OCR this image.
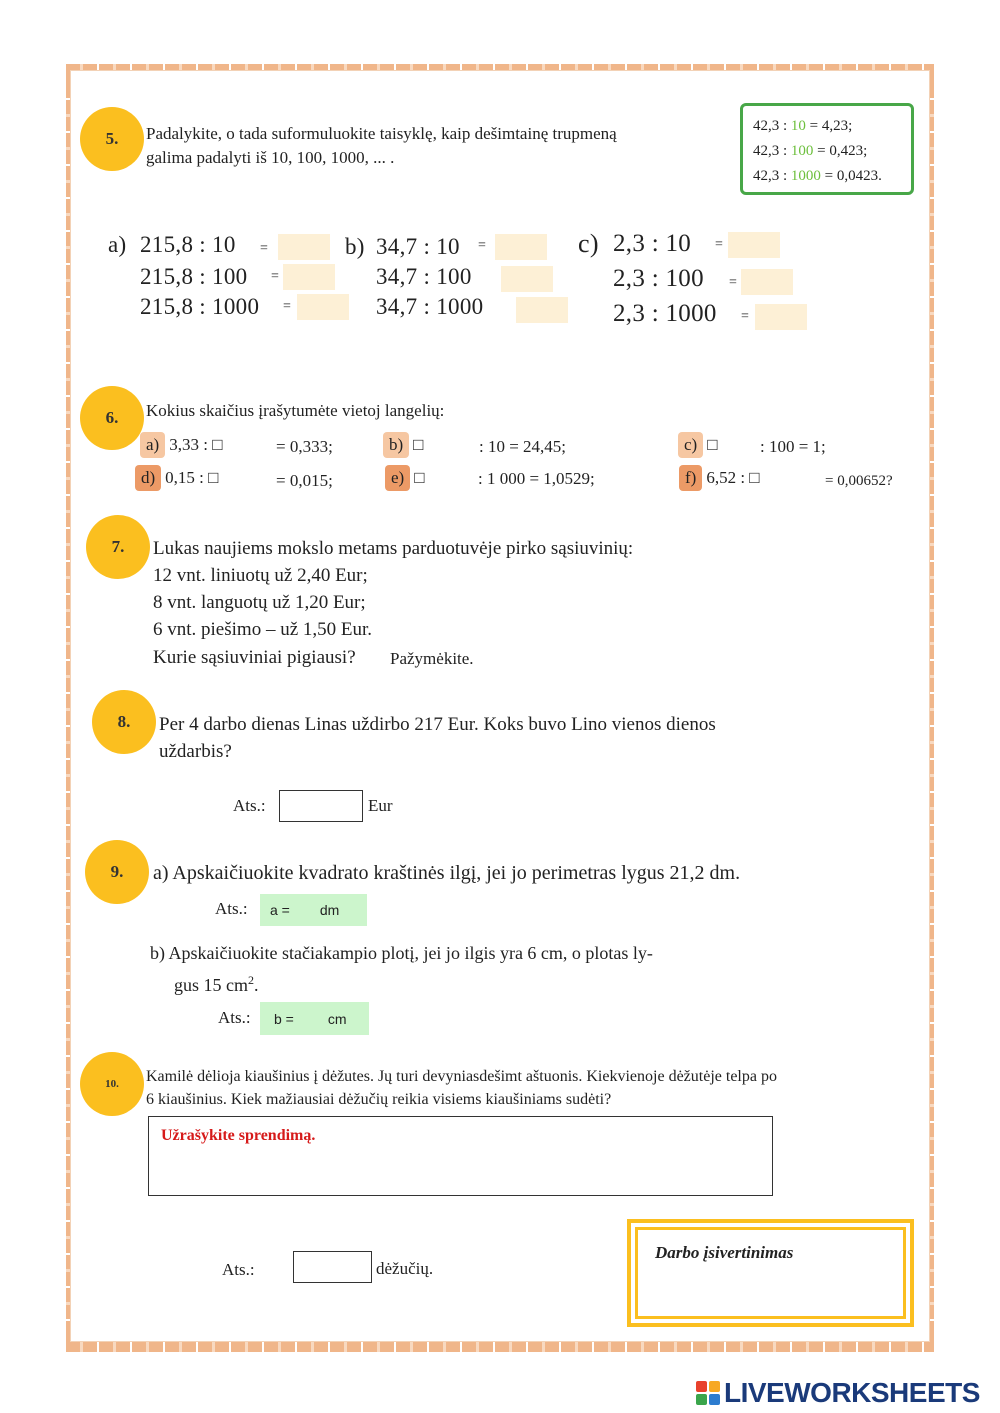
5. Padalykite, o tada suformuluokite taisyklę, kaip dešimtainę trupmeną
galima padalyti iš 10, 100, 1000, ... .
42,3 : 10 = 4,23;
42,3 : 100 = 0,423;
42,3 : 1000 = 0,0423.
a) 215,8 : 10 =
215,8 : 100 =
215,8 : 1000 =
b) 34,7 : 10 =
34,7 : 100
34,7 : 1000
c) 2,3 : 10 =
2,3 : 100 =
2,3 : 1000 =
6. Kokius skaičius įrašytumėte vietoj langelių:
a) 3,33 : □	= 0,333;	b) □	: 10 = 24,45;	c) □	: 100 = 1;
d) 0,15 : □	= 0,015;	e) □	: 1 000 = 1,0529;	f) 6,52 : □	= 0,00652?
7. Lukas naujiems mokslo metams parduotuvėje pirko sąsiuvinių:
12 vnt. liniuotų už 2,40 Eur;
8 vnt. languotų už 1,20 Eur;
6 vnt. piešimo – už 1,50 Eur.
Kurie sąsiuviniai pigiausi? Pažymėkite.
8. Per 4 darbo dienas Linas uždirbo 217 Eur. Koks buvo Lino vienos dienos
uždarbis?
Ats.:	Eur
9. a) Apskaičiuokite kvadrato kraštinės ilgį, jei jo perimetras lygus 21,2 dm.
Ats.: a = dm
b) Apskaičiuokite stačiakampio plotį, jei jo ilgis yra 6 cm, o plotas ly-
gus 15 $cm^2$.
Ats.: b = cm
10. Kamilė dėlioja kiaušinius į dėžutes. Jų turi devyniasdešimt aštuonis. Kiekvienoje dėžutėje telpa po
6 kiaušinius. Kiek mažiausiai dėžučių reikia visiems kiaušiniams sudėti?
Užrašykite sprendimą.
Ats.:	dėžučių.
Darbo įsivertinimas
LIVEWORKSHEETS
